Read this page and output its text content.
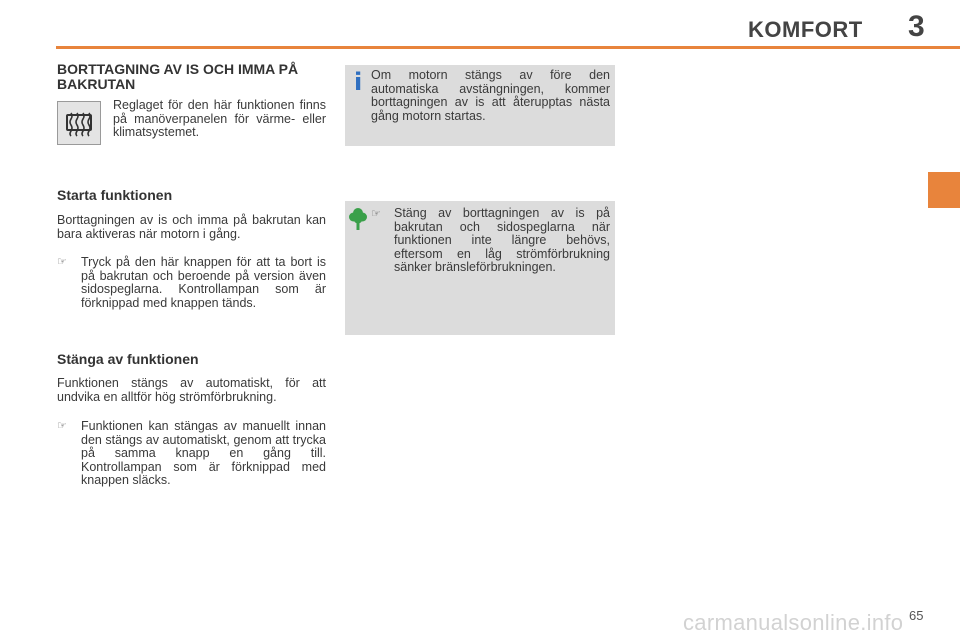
KOMFORT 3
BORTTAGNING AV IS OCH IMMA PÅ BAKRUTAN
Reglaget för den här funktionen finns på manöverpanelen för värme- eller klimatsystemet.
Starta funktionen
Borttagningen av is och imma på bakrutan kan bara aktiveras när motorn i gång.
☞	Tryck på den här knappen för att ta bort is på bakrutan och beroende på version även sidospeglarna. Kontrollampan som är förknippad med knappen tänds.
Stänga av funktionen
Funktionen stängs av automatiskt, för att undvika en alltför hög strömförbrukning.
☞	Funktionen kan stängas av manuellt innan den stängs av automatiskt, genom att trycka på samma knapp en gång till. Kontrollampan som är förknippad med knappen släcks.
i Om motorn stängs av före den automatiska avstängningen, kommer borttagningen av is att återupptas nästa gång motorn startas.
☞ Stäng av borttagningen av is på bakrutan och sidospeglarna när funktionen inte längre behövs, eftersom en låg strömförbrukning sänker bränsleförbrukningen.
65
carmanualsonline.info
